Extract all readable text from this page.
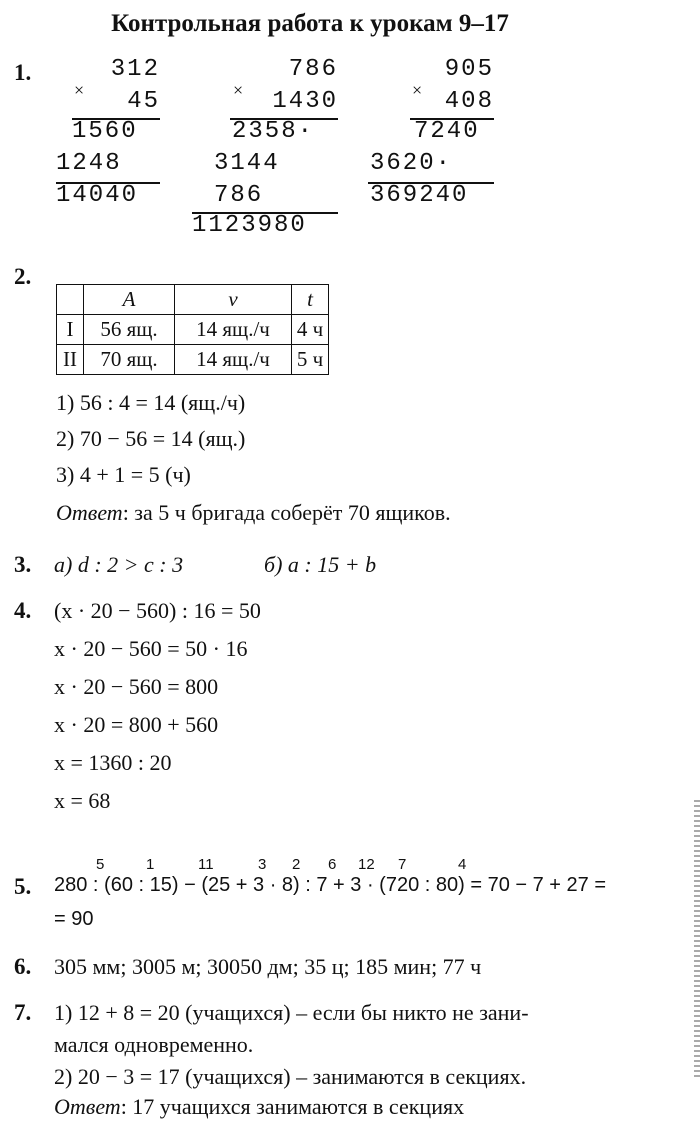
Контрольная работа к урокам 9–17
1.	312
×	45
1560
1248
14040
786
×	1430
2358·
3144
786
1123980
905
× 408
7240
3620·
369240
2.
	A	v	t
I	56 ящ.	14 ящ./ч	4 ч
II	70 ящ.	14 ящ./ч	5 ч
1) 56 : 4 = 14 (ящ./ч)
2) 70 − 56 = 14 (ящ.)
3) 4 + 1 = 5 (ч)
Ответ: за 5 ч бригада соберёт 70 ящиков.
3. а) d : 2 > c : 3	б) a : 15 + b
4. (x · 20 − 560) : 16 = 50
x · 20 − 560 = 50 · 16
x · 20 − 560 = 800
x · 20 = 800 + 560
x = 1360 : 20
x = 68
5.
5	1	11	3 2 6 12 7	4
280 : (60 : 15) − (25 + 3 · 8) : 7 + 3 · (720 : 80) = 70 − 7 + 27 =
= 90
6. 305 мм; 3005 м; 30050 дм; 35 ц; 185 мин; 77 ч
7. 1) 12 + 8 = 20 (учащихся) – если бы никто не зани-
мался одновременно.
2) 20 − 3 = 17 (учащихся) – занимаются в секциях.
Ответ: 17 учащихся занимаются в секциях
